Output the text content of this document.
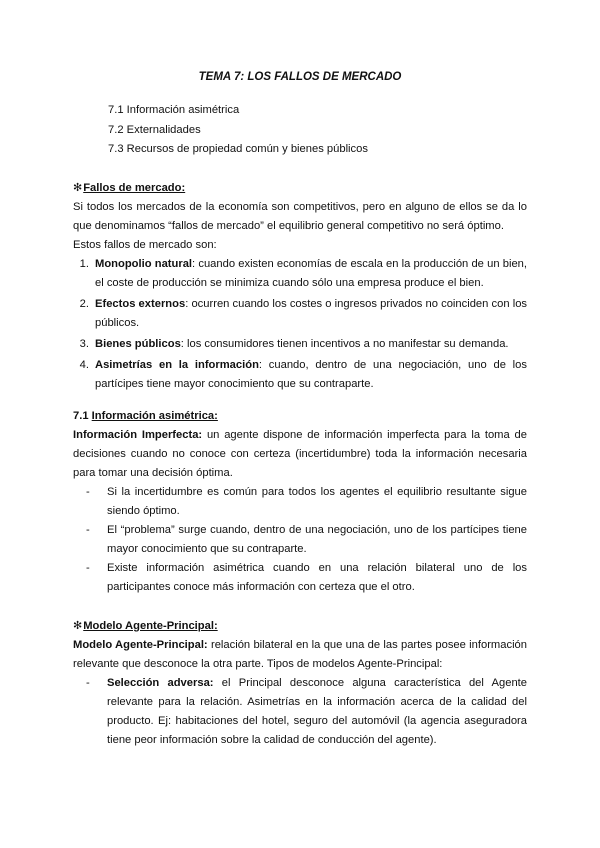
TEMA 7: LOS FALLOS DE MERCADO
7.1 Información asimétrica
7.2 Externalidades
7.3 Recursos de propiedad común y bienes públicos
✻Fallos de mercado:

Si todos los mercados de la economía son competitivos, pero en alguno de ellos se da lo que denominamos “fallos de mercado” el equilibrio general competitivo no será óptimo.

Estos fallos de mercado son:

1. Monopolio natural: cuando existen economías de escala en la producción de un bien, el coste de producción se minimiza cuando sólo una empresa produce el bien.
2. Efectos externos: ocurren cuando los costes o ingresos privados no coinciden con los públicos.
3. Bienes públicos: los consumidores tienen incentivos a no manifestar su demanda.
4. Asimetrías en la información: cuando, dentro de una negociación, uno de los partícipes tiene mayor conocimiento que su contraparte.
7.1 Información asimétrica:

Información Imperfecta: un agente dispone de información imperfecta para la toma de decisiones cuando no conoce con certeza (incertidumbre) toda la información necesaria para tomar una decisión óptima.

- Si la incertidumbre es común para todos los agentes el equilibrio resultante sigue siendo óptimo.
- El “problema” surge cuando, dentro de una negociación, uno de los partícipes tiene mayor conocimiento que su contraparte.
- Existe información asimétrica cuando en una relación bilateral uno de los participantes conoce más información con certeza que el otro.
✻Modelo Agente-Principal:

Modelo Agente-Principal: relación bilateral en la que una de las partes posee información relevante que desconoce la otra parte. Tipos de modelos Agente-Principal:

- Selección adversa: el Principal desconoce alguna característica del Agente relevante para la relación. Asimetrías en la información acerca de la calidad del producto. Ej: habitaciones del hotel, seguro del automóvil (la agencia aseguradora tiene peor información sobre la calidad de conducción del agente).
